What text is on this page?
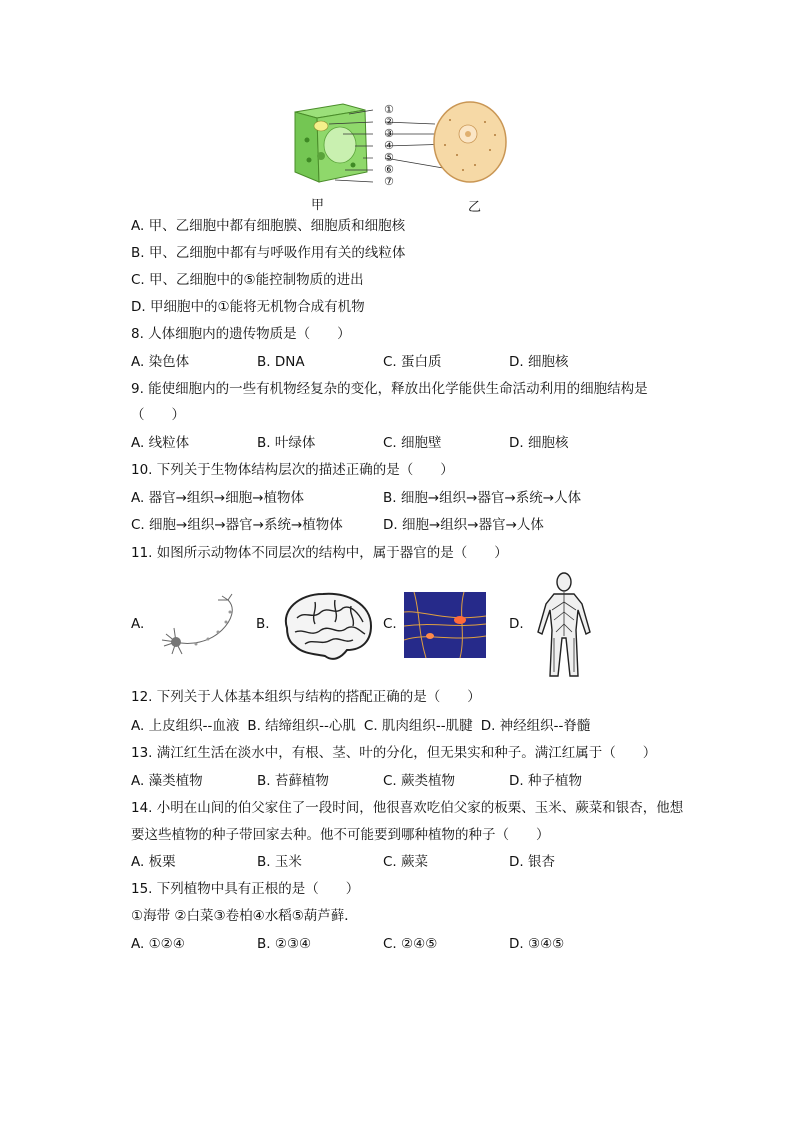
①
②
③
④
⑤
⑥
⑦
甲	乙
A. 甲、乙细胞中都有细胞膜、细胞质和细胞核
B. 甲、乙细胞中都有与呼吸作用有关的线粒体
C. 甲、乙细胞中的⑤能控制物质的进出
D. 甲细胞中的①能将无机物合成有机物
8. 人体细胞内的遗传物质是（　　）
A. 染色体	B. DNA	C. 蛋白质	D. 细胞核
9. 能使细胞内的一些有机物经复杂的变化，释放出化学能供生命活动利用的细胞结构是
（　　）
A. 线粒体	B. 叶绿体	C. 细胞壁	D. 细胞核
10. 下列关于生物体结构层次的描述正确的是（　　）
A. 器官→组织→细胞→植物体	B. 细胞→组织→器官→系统→人体
C. 细胞→组织→器官→系统→植物体	D. 细胞→组织→器官→人体
11. 如图所示动物体不同层次的结构中，属于器官的是（　　）
A.	B.	C.	D.
12. 下列关于人体基本组织与结构的搭配正确的是（　　）
A. 上皮组织--血液 B. 结缔组织--心肌 C. 肌肉组织--肌腱 D. 神经组织--脊髓
13. 满江红生活在淡水中，有根、茎、叶的分化，但无果实和种子。满江红属于（　　）
A. 藻类植物	B. 苔藓植物	C. 蕨类植物	D. 种子植物
14. 小明在山间的伯父家住了一段时间，他很喜欢吃伯父家的板栗、玉米、蕨菜和银杏，他想
要这些植物的种子带回家去种。他不可能要到哪种植物的种子（　　）
A. 板栗	B. 玉米	C. 蕨菜	D. 银杏
15. 下列植物中具有正根的是（　　）
①海带 ②白菜③卷柏④水稻⑤葫芦藓．
A. ①②④	B. ②③④	C. ②④⑤	D. ③④⑤
